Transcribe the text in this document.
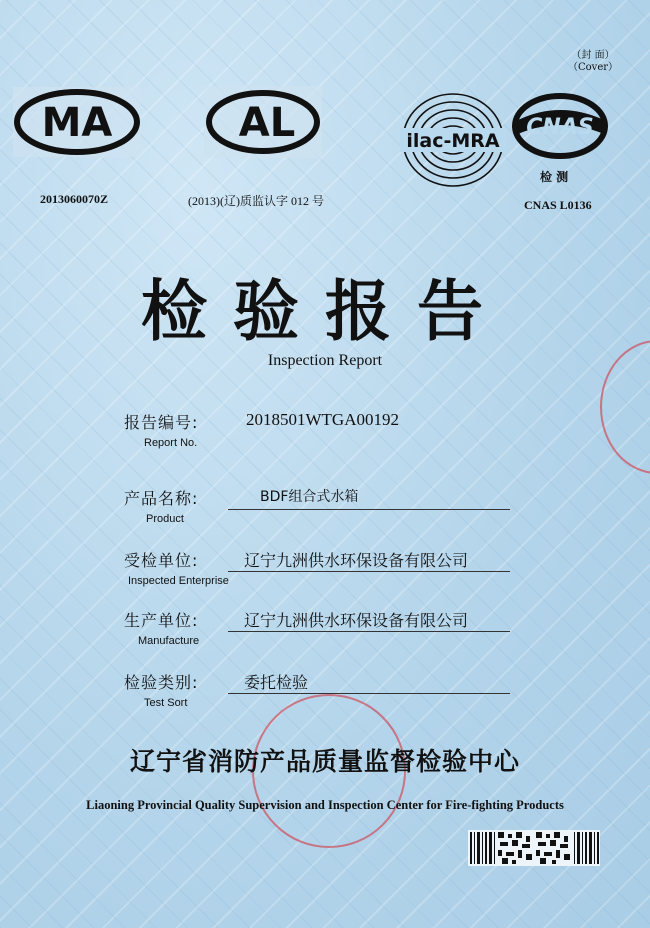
MA
2013060070Z
AL
(2013)(辽)质监认字 012 号
ilac-MRA
CNAS
检 测
CNAS L0136
（封 面）
（Cover）
检验报告
Inspection Report
报告编号:
Report No.
2018501WTGA00192
产品名称:
Product
BDF组合式水箱
受检单位:
Inspected Enterprise
辽宁九洲供水环保设备有限公司
生产单位:
Manufacture
辽宁九洲供水环保设备有限公司
检验类别:
Test Sort
委托检验
辽宁省消防产品质量监督检验中心
Liaoning Provincial Quality Supervision and Inspection Center for Fire-fighting Products
